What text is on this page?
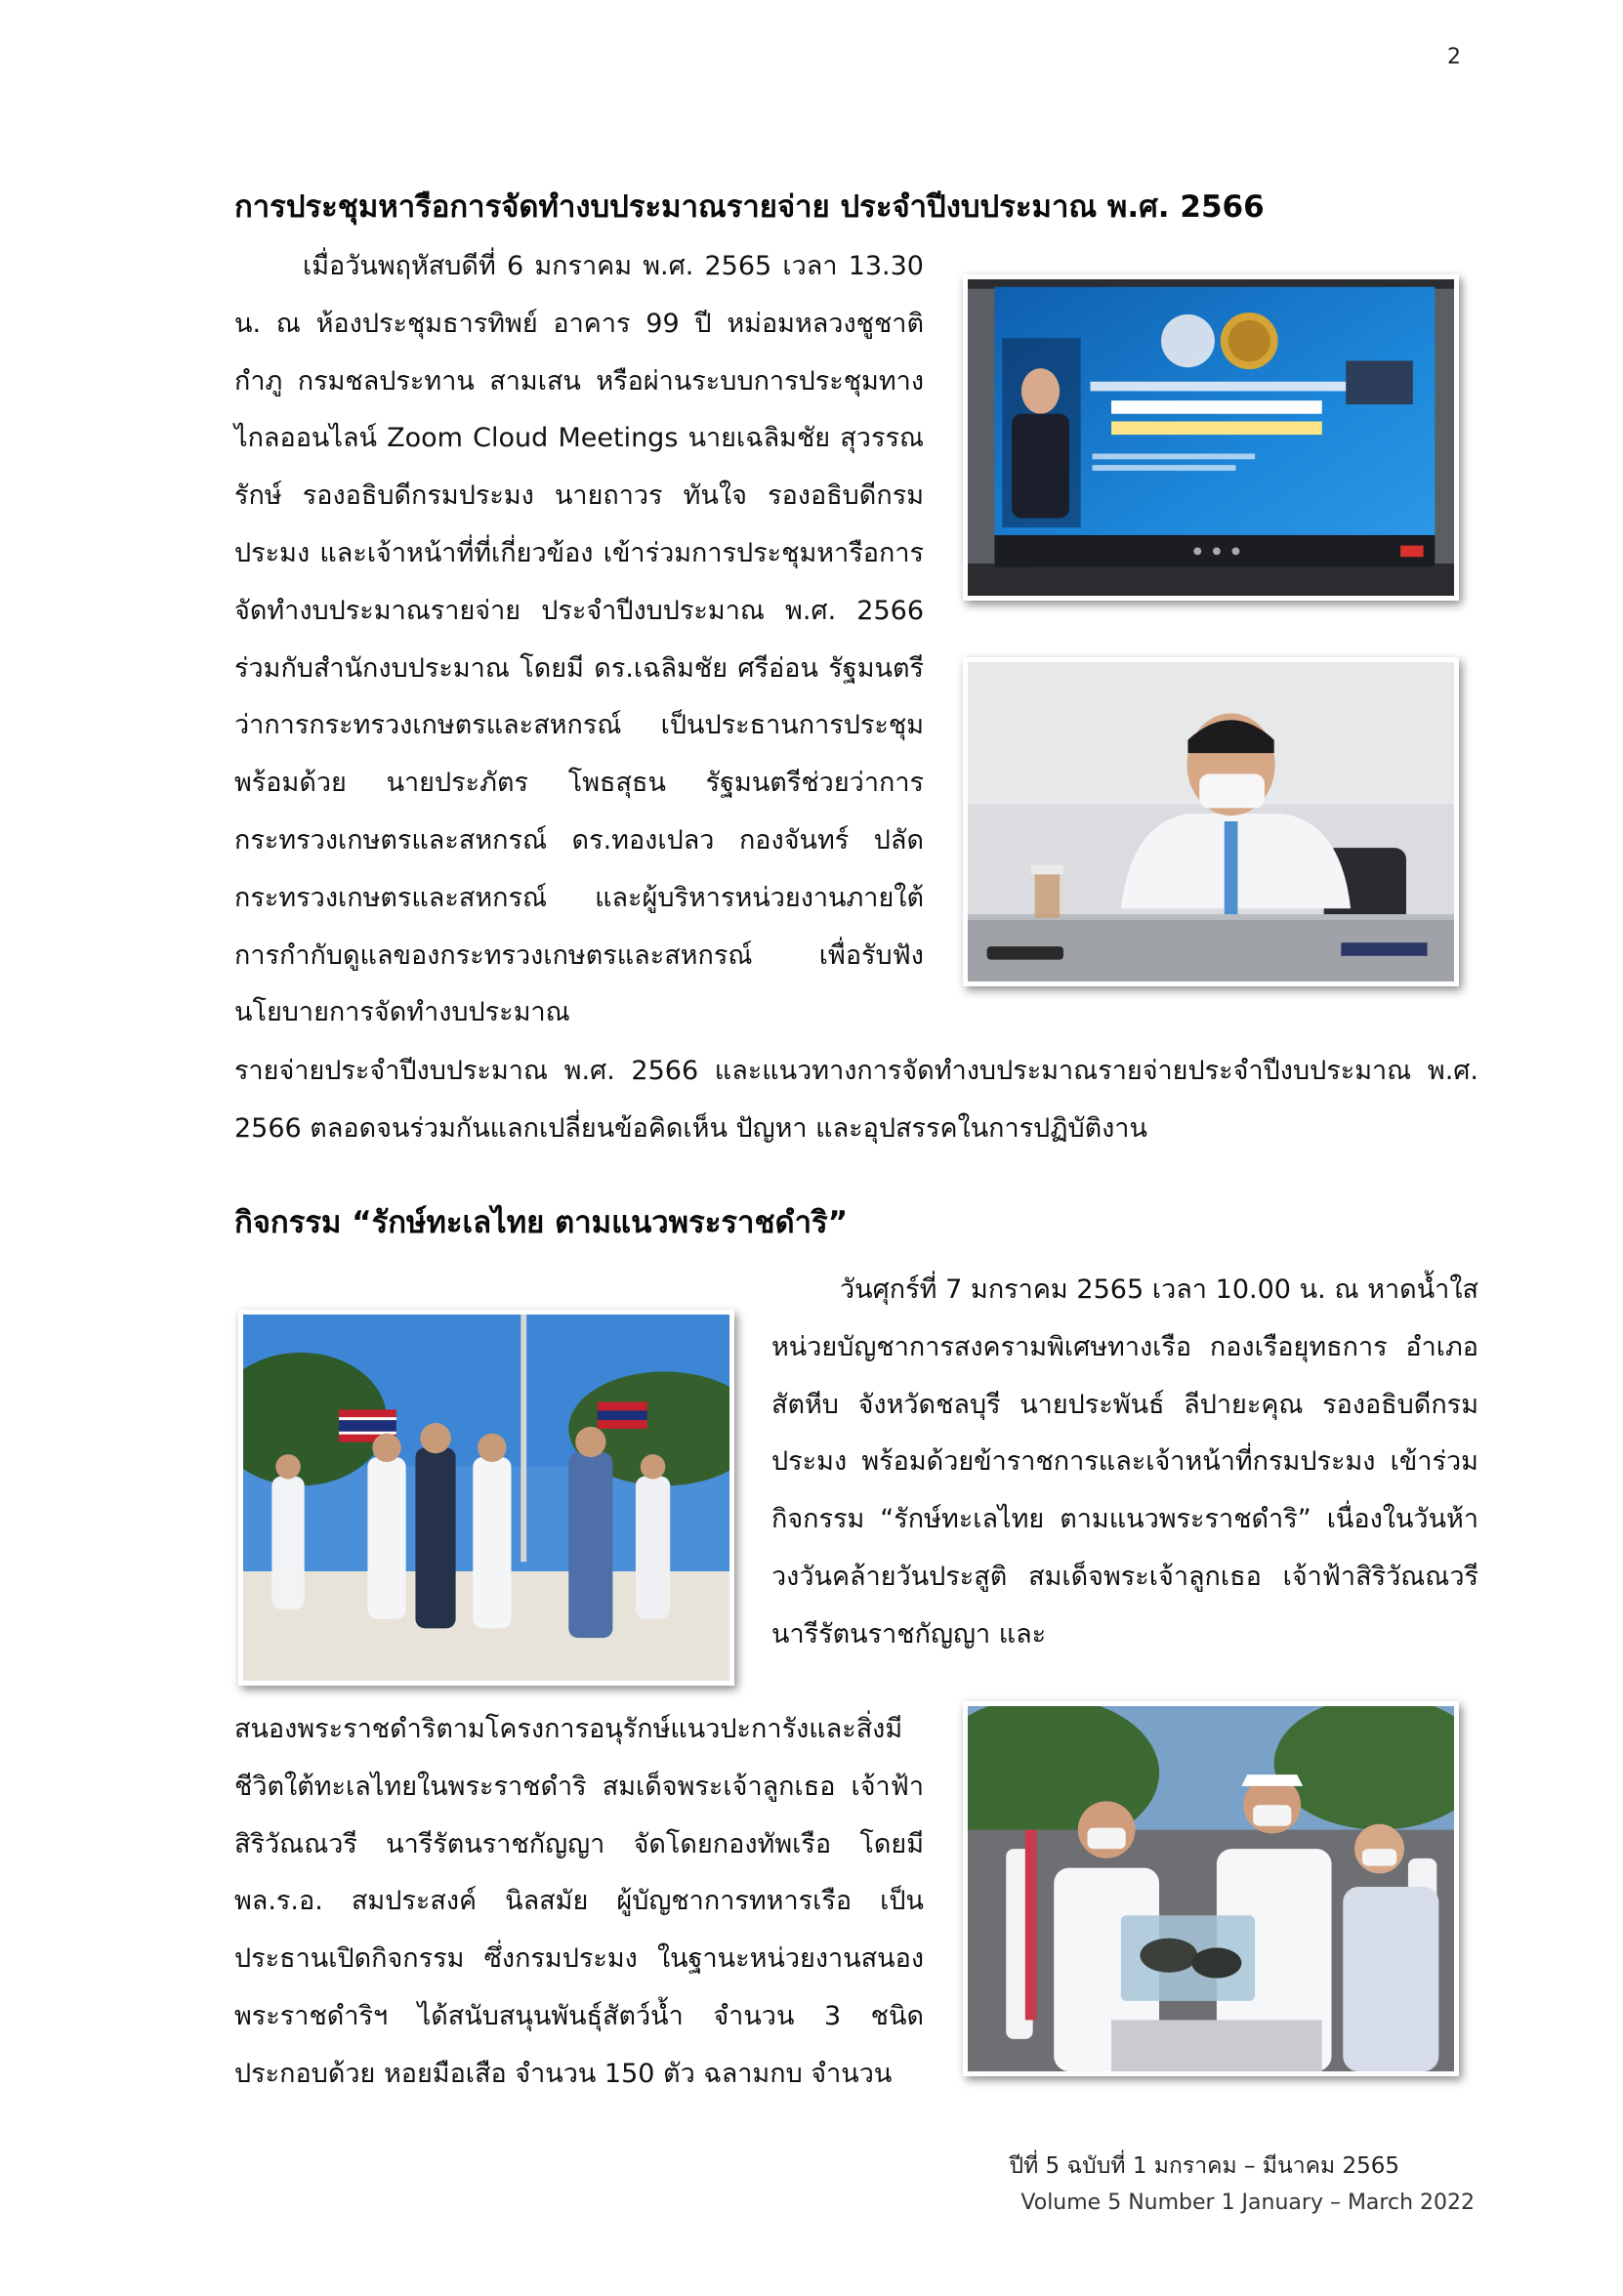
2
การประชุมหารือการจัดทำงบประมาณรายจ่าย ประจำปีงบประมาณ พ.ศ. 2566

เมื่อวันพฤหัสบดีที่ 6 มกราคม พ.ศ. 2565 เวลา 13.30 น. ณ ห้องประชุมธารทิพย์ อาคาร 99 ปี หม่อมหลวงชูชาติ กำภู กรมชลประทาน สามเสน หรือผ่านระบบการประชุมทางไกลออนไลน์ Zoom Cloud Meetings นายเฉลิมชัย สุวรรณรักษ์ รองอธิบดีกรมประมง นายถาวร ทันใจ รองอธิบดีกรมประมง และเจ้าหน้าที่ที่เกี่ยวข้อง เข้าร่วมการประชุมหารือการจัดทำงบประมาณรายจ่าย ประจำปีงบประมาณ พ.ศ. 2566 ร่วมกับสำนักงบประมาณ โดยมี ดร.เฉลิมชัย ศรีอ่อน รัฐมนตรีว่าการกระทรวงเกษตรและสหกรณ์ เป็นประธานการประชุม พร้อมด้วย นายประภัตร โพธสุธน รัฐมนตรีช่วยว่าการกระทรวงเกษตรและสหกรณ์ ดร.ทองเปลว กองจันทร์ ปลัดกระทรวงเกษตรและสหกรณ์ และผู้บริหารหน่วยงานภายใต้การกำกับดูแลของกระทรวงเกษตรและสหกรณ์ เพื่อรับฟังนโยบายการจัดทำงบประมาณ

รายจ่ายประจำปีงบประมาณ พ.ศ. 2566 และแนวทางการจัดทำงบประมาณรายจ่ายประจำปีงบประมาณ พ.ศ. 2566 ตลอดจนร่วมกันแลกเปลี่ยนข้อคิดเห็น ปัญหา และอุปสรรคในการปฏิบัติงาน

กิจกรรม “รักษ์ทะเลไทย ตามแนวพระราชดำริ”

วันศุกร์ที่ 7 มกราคม 2565 เวลา 10.00 น. ณ หาดน้ำใส หน่วยบัญชาการสงครามพิเศษทางเรือ กองเรือยุทธการ อำเภอสัตหีบ จังหวัดชลบุรี นายประพันธ์ ลีปายะคุณ รองอธิบดีกรมประมง พร้อมด้วยข้าราชการและเจ้าหน้าที่กรมประมง เข้าร่วมกิจกรรม “รักษ์ทะเลไทย ตามแนวพระราชดำริ” เนื่องในวันห้าวงวันคล้ายวันประสูติ สมเด็จพระเจ้าลูกเธอ เจ้าฟ้าสิริวัณณวรี นารีรัตนราชกัญญา และ

สนองพระราชดำริตามโครงการอนุรักษ์แนวปะการังและสิ่งมีชีวิตใต้ทะเลไทยในพระราชดำริ สมเด็จพระเจ้าลูกเธอ เจ้าฟ้าสิริวัณณวรี นารีรัตนราชกัญญา จัดโดยกองทัพเรือ โดยมี พล.ร.อ. สมประสงค์ นิลสมัย ผู้บัญชาการทหารเรือ เป็นประธานเปิดกิจกรรม ซึ่งกรมประมง ในฐานะหน่วยงานสนองพระราชดำริฯ ได้สนับสนุนพันธุ์สัตว์น้ำ จำนวน 3 ชนิด ประกอบด้วย หอยมือเสือ จำนวน 150 ตัว ฉลามกบ จำนวน

ปีที่ 5 ฉบับที่ 1 มกราคม – มีนาคม 2565
Volume 5 Number 1 January – March 2022
